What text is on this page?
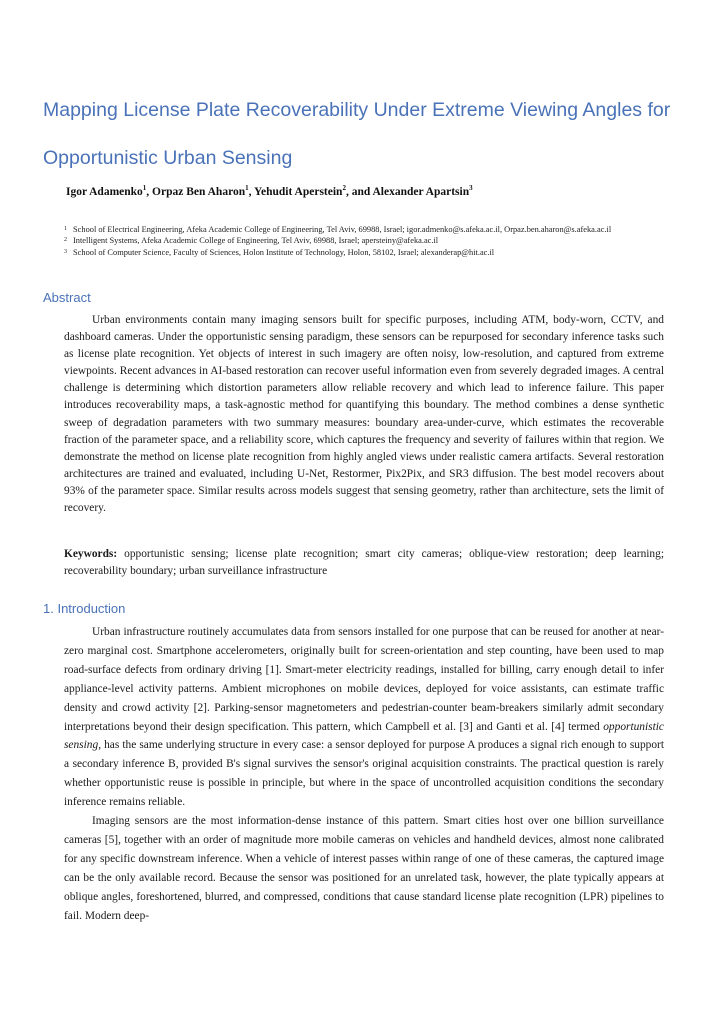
Mapping License Plate Recoverability Under Extreme Viewing Angles for Opportunistic Urban Sensing
Igor Adamenko$^1$, Orpaz Ben Aharon$^1$, Yehudit Aperstein$^2$, and Alexander Apartsin$^3$

$^1$ School of Electrical Engineering, Afeka Academic College of Engineering, Tel Aviv, 69988, Israel; igor.admenko@s.afeka.ac.il, Orpaz.ben.aharon@s.afeka.ac.il

$^2$ Intelligent Systems, Afeka Academic College of Engineering, Tel Aviv, 69988, Israel; apersteiny@afeka.ac.il

$^3$ School of Computer Science, Faculty of Sciences, Holon Institute of Technology, Holon, 58102, Israel; alexanderap@hit.ac.il

Abstract

Urban environments contain many imaging sensors built for specific purposes, including ATM, body-worn, CCTV, and dashboard cameras. Under the opportunistic sensing paradigm, these sensors can be repurposed for secondary inference tasks such as license plate recognition. Yet objects of interest in such imagery are often noisy, low-resolution, and captured from extreme viewpoints. Recent advances in AI-based restoration can recover useful information even from severely degraded images. A central challenge is determining which distortion parameters allow reliable recovery and which lead to inference failure. This paper introduces recoverability maps, a task-agnostic method for quantifying this boundary. The method combines a dense synthetic sweep of degradation parameters with two summary measures: boundary area-under-curve, which estimates the recoverable fraction of the parameter space, and a reliability score, which captures the frequency and severity of failures within that region. We demonstrate the method on license plate recognition from highly angled views under realistic camera artifacts. Several restoration architectures are trained and evaluated, including U-Net, Restormer, Pix2Pix, and SR3 diffusion. The best model recovers about 93% of the parameter space. Similar results across models suggest that sensing geometry, rather than architecture, sets the limit of recovery.

Keywords: opportunistic sensing; license plate recognition; smart city cameras; oblique-view restoration; deep learning; recoverability boundary; urban surveillance infrastructure

1. Introduction

Urban infrastructure routinely accumulates data from sensors installed for one purpose that can be reused for another at near-zero marginal cost. Smartphone accelerometers, originally built for screen-orientation and step counting, have been used to map road-surface defects from ordinary driving [1]. Smart-meter electricity readings, installed for billing, carry enough detail to infer appliance-level activity patterns. Ambient microphones on mobile devices, deployed for voice assistants, can estimate traffic density and crowd activity [2]. Parking-sensor magnetometers and pedestrian-counter beam-breakers similarly admit secondary interpretations beyond their design specification. This pattern, which Campbell et al. [3] and Ganti et al. [4] termed opportunistic sensing, has the same underlying structure in every case: a sensor deployed for purpose A produces a signal rich enough to support a secondary inference B, provided B's signal survives the sensor's original acquisition constraints. The practical question is rarely whether opportunistic reuse is possible in principle, but where in the space of uncontrolled acquisition conditions the secondary inference remains reliable.

Imaging sensors are the most information-dense instance of this pattern. Smart cities host over one billion surveillance cameras [5], together with an order of magnitude more mobile cameras on vehicles and handheld devices, almost none calibrated for any specific downstream inference. When a vehicle of interest passes within range of one of these cameras, the captured image can be the only available record. Because the sensor was positioned for an unrelated task, however, the plate typically appears at oblique angles, foreshortened, blurred, and compressed, conditions that cause standard license plate recognition (LPR) pipelines to fail. Modern deep-
